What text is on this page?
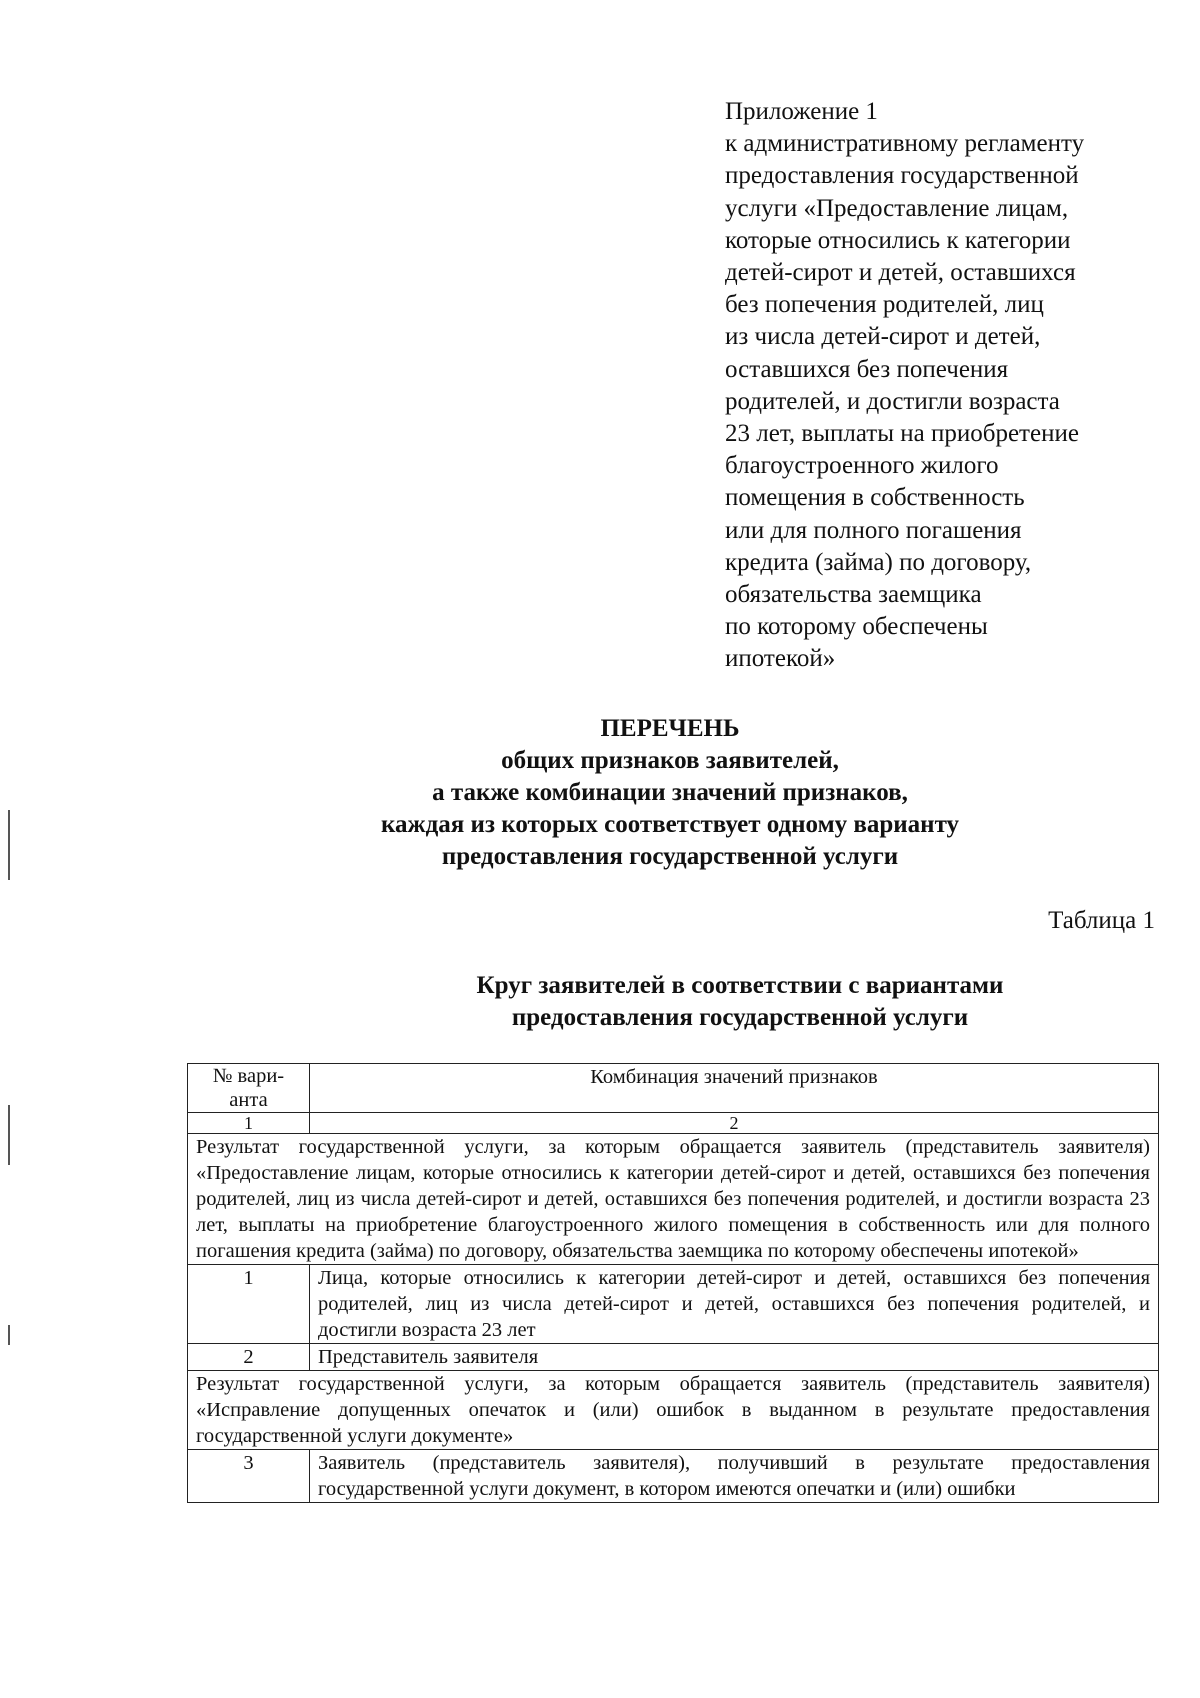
Приложение 1
к административному регламенту
предоставления государственной
услуги «Предоставление лицам,
которые относились к категории
детей-сирот и детей, оставшихся
без попечения родителей, лиц
из числа детей-сирот и детей,
оставшихся без попечения
родителей, и достигли возраста
23 лет, выплаты на приобретение
благоустроенного жилого
помещения в собственность
или для полного погашения
кредита (займа) по договору,
обязательства заемщика
по которому обеспечены
ипотекой»
ПЕРЕЧЕНЬ
общих признаков заявителей,
а также комбинации значений признаков,
каждая из которых соответствует одному варианту
предоставления государственной услуги
Таблица 1
Круг заявителей в соответствии с вариантами
предоставления государственной услуги
№ вари-
анта	Комбинация значений признаков
1	2
Результат государственной услуги, за которым обращается заявитель (представитель заявителя) «Предоставление лицам, которые относились к категории детей-сирот и детей, оставшихся без попечения родителей, лиц из числа детей-сирот и детей, оставшихся без попечения родителей, и достигли возраста 23 лет, выплаты на приобретение благоустроенного жилого помещения в собственность или для полного погашения кредита (займа) по договору, обязательства заемщика по которому обеспечены ипотекой»	
1	Лица, которые относились к категории детей-сирот и детей, оставшихся без попечения родителей, лиц из числа детей-сирот и детей, оставшихся без попечения родителей, и достигли возраста 23 лет
2	Представитель заявителя
Результат государственной услуги, за которым обращается заявитель (представитель заявителя) «Исправление допущенных опечаток и (или) ошибок в выданном в результате предоставления государственной услуги документе»	
3	Заявитель (представитель заявителя), получивший в результате предоставления государственной услуги документ, в котором имеются опечатки и (или) ошибки
